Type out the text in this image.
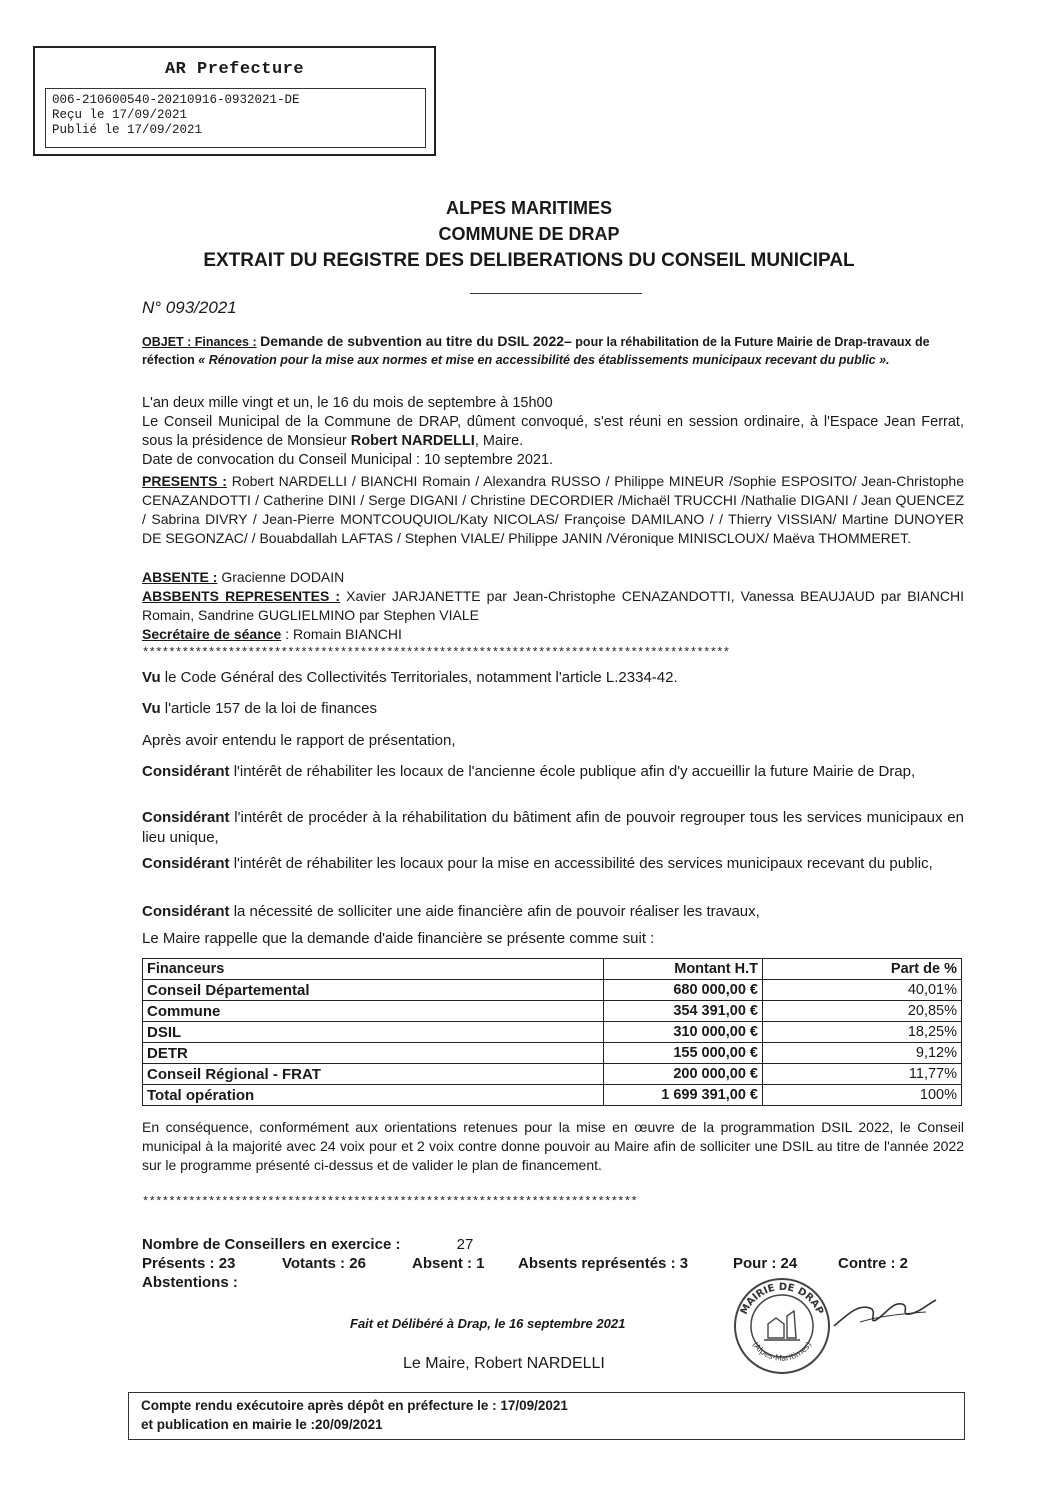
AR Prefecture
006-210600540-20210916-0932021-DE
Reçu le 17/09/2021
Publié le 17/09/2021
ALPES MARITIMES
COMMUNE DE DRAP
EXTRAIT DU REGISTRE DES DELIBERATIONS DU CONSEIL MUNICIPAL
N° 093/2021
OBJET : Finances : Demande de subvention au titre du DSIL 2022– pour la réhabilitation de la Future Mairie de Drap-travaux de réfection « Rénovation pour la mise aux normes et mise en accessibilité des établissements municipaux recevant du public ».
L'an deux mille vingt et un, le 16 du mois de septembre à 15h00
Le Conseil Municipal de la Commune de DRAP, dûment convoqué, s'est réuni en session ordinaire, à l'Espace Jean Ferrat, sous la présidence de Monsieur Robert NARDELLI, Maire.
Date de convocation du Conseil Municipal : 10 septembre 2021.
PRESENTS : Robert NARDELLI / BIANCHI Romain / Alexandra RUSSO / Philippe MINEUR /Sophie ESPOSITO/ Jean-Christophe CENAZANDOTTI / Catherine DINI / Serge DIGANI / Christine DECORDIER /Michaël TRUCCHI /Nathalie DIGANI / Jean QUENCEZ / Sabrina DIVRY / Jean-Pierre MONTCOUQUIOL/Katy NICOLAS/ Françoise DAMILANO / / Thierry VISSIAN/ Martine DUNOYER DE SEGONZAC/ / Bouabdallah LAFTAS / Stephen VIALE/ Philippe JANIN /Véronique MINISCLOUX/ Maëva THOMMERET.
ABSENTE : Gracienne DODAIN
ABSBENTS REPRESENTES : Xavier JARJANETTE par Jean-Christophe CENAZANDOTTI, Vanessa BEAUJAUD par BIANCHI Romain, Sandrine GUGLIELMINO par Stephen VIALE
Secrétaire de séance : Romain BIANCHI
*****************************************************************************************
Vu le Code Général des Collectivités Territoriales, notamment l'article L.2334-42.
Vu l'article 157 de la loi de finances
Après avoir entendu le rapport de présentation,
Considérant l'intérêt de réhabiliter les locaux de l'ancienne école publique afin d'y accueillir la future Mairie de Drap,
Considérant l'intérêt de procéder à la réhabilitation du bâtiment afin de pouvoir regrouper tous les services municipaux en lieu unique,
Considérant l'intérêt de réhabiliter les locaux pour la mise en accessibilité des services municipaux recevant du public,
Considérant la nécessité de solliciter une aide financière afin de pouvoir réaliser les travaux,
Le Maire rappelle que la demande d'aide financière se présente comme suit :
Financeurs	Montant H.T	Part de %
Conseil Départemental	680 000,00 €	40,01%
Commune	354 391,00 €	20,85%
DSIL	310 000,00 €	18,25%
DETR	155 000,00 €	9,12%
Conseil Régional - FRAT	200 000,00 €	11,77%
Total opération	1 699 391,00 €	100%
En conséquence, conformément aux orientations retenues pour la mise en œuvre de la programmation DSIL 2022, le Conseil municipal à la majorité avec 24 voix pour et 2 voix contre donne pouvoir au Maire afin de solliciter une DSIL au titre de l'année 2022 sur le programme présenté ci-dessus et de valider le plan de financement.
***************************************************************************
Nombre de Conseillers en exercice :	27
Présents : 23	Votants : 26	Absent : 1 Absents représentés : 3	Pour : 24	Contre : 2
Abstentions :
MAIRIE DE DRAP
(Alpes-Maritimes)
Fait et Délibéré à Drap, le 16 septembre 2021
Le Maire, Robert NARDELLI
Compte rendu exécutoire après dépôt en préfecture le : 17/09/2021
et publication en mairie le :20/09/2021
